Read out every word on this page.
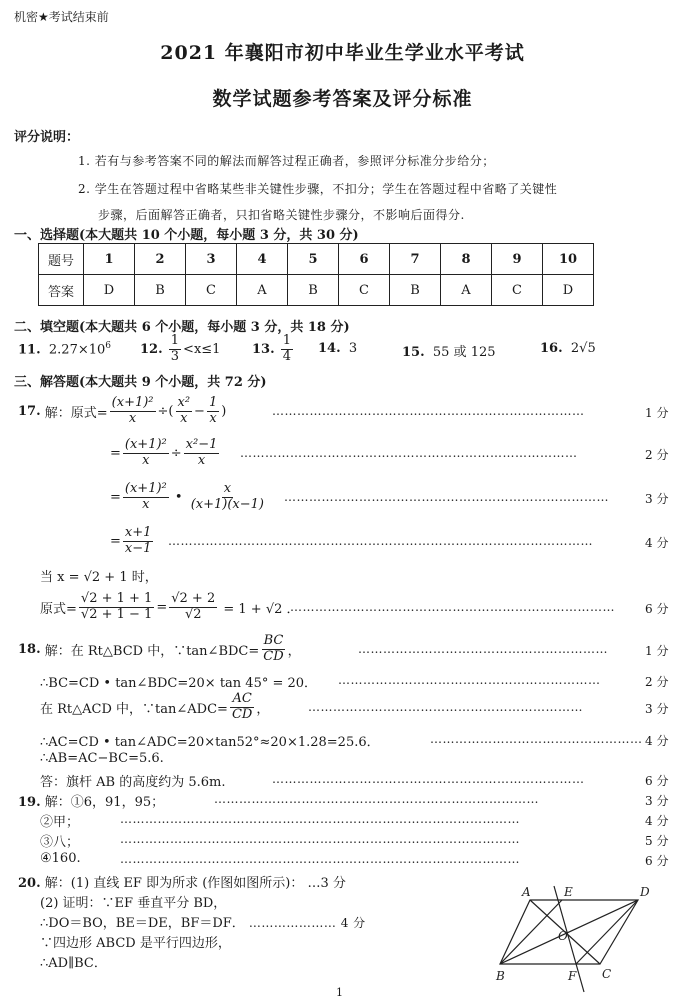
机密★考试结束前
2021 年襄阳市初中毕业生学业水平考试
数学试题参考答案及评分标准
评分说明：
1. 若有与参考答案不同的解法而解答过程正确者，参照评分标准分步给分；
2. 学生在答题过程中省略某些非关键性步骤，不扣分；学生在答题过程中省略了关键性
步骤，后面解答正确者，只扣省略关键性步骤分，不影响后面得分.
一、选择题(本大题共 10 个小题，每小题 3 分，共 30 分)
题号	1	2	3	4	5	6	7	8	9	10
答案	D	B	C	A	B	C	B	A	C	D
二、填空题(本大题共 6 个小题，每小题 3 分，共 18 分)
11. $2.27\times 10^6$ 12.
$\frac{1}{3} <x\le 1$ 13.
$\frac{1}{4} 14$. 3	15. 55 或 125	16. 2√5
三、解答题(本大题共 9 个小题，共 72 分)
17.
解：原式= $\frac{\text{(x+1)²}}{x}$ ÷( $\frac{\text{x²}}{x} - \frac{1}{x}$ )	…………………………………………………………………	1 分
= $\frac{\text{(x+1)²}}{x} \div \frac{\text{x²−1}}{x}$ ………………………………………………………………………	2 分
= $\frac{\text{(x+1)²}}{x}$
•
$\frac{x}{(x+1)(x-1)}$ ……………………………………………………………………	3 分
= $\frac{x+1}{x-1}$ …………………………………………………………………………………………	4 分
当 x = √2 + 1 时，
原式= $\frac{√2 + 1 + 1}{√2 + 1 - 1} = \frac{√2 + 2}{√2}$
= 1 + √2 ．
……………………………………………………………………	6 分
18.
解：在 Rt△BCD 中，∵tan∠BDC= $\frac{BC}{CD}$ ，	……………………………………………………	1 分
∴BC=CD • tan∠BDC=20× tan 45° = 20． ………………………………………………………	2 分
在 Rt△ACD 中，∵tan∠ADC= $\frac{AC}{CD}$ ，	…………………………………………………………	3 分
∴AC=CD • tan∠ADC=20×tan52°≈20×1.28=25.6．	…………………………………………… 4 分
∴AB=AC−BC=5.6.
答：旗杆 AB 的高度约为 5.6m.	…………………………………………………………………	6 分
19. 解：①6，91，95；	……………………………………………………………………	3 分
②甲；	……………………………………………………………………………………	4 分
③八；	……………………………………………………………………………………	5 分
④160.	……………………………………………………………………………………	6 分
20. 解：(1) 直线 EF 即为所求 (作图如图所示)： …3 分
(2) 证明：∵EF 垂直平分 BD，
∴DO＝BO，BE＝DE，BF＝DF． ………………… 4 分
∵四边形 ABCD 是平行四边形，
∴AD∥BC．
A	E	D
O
B	F C
1
